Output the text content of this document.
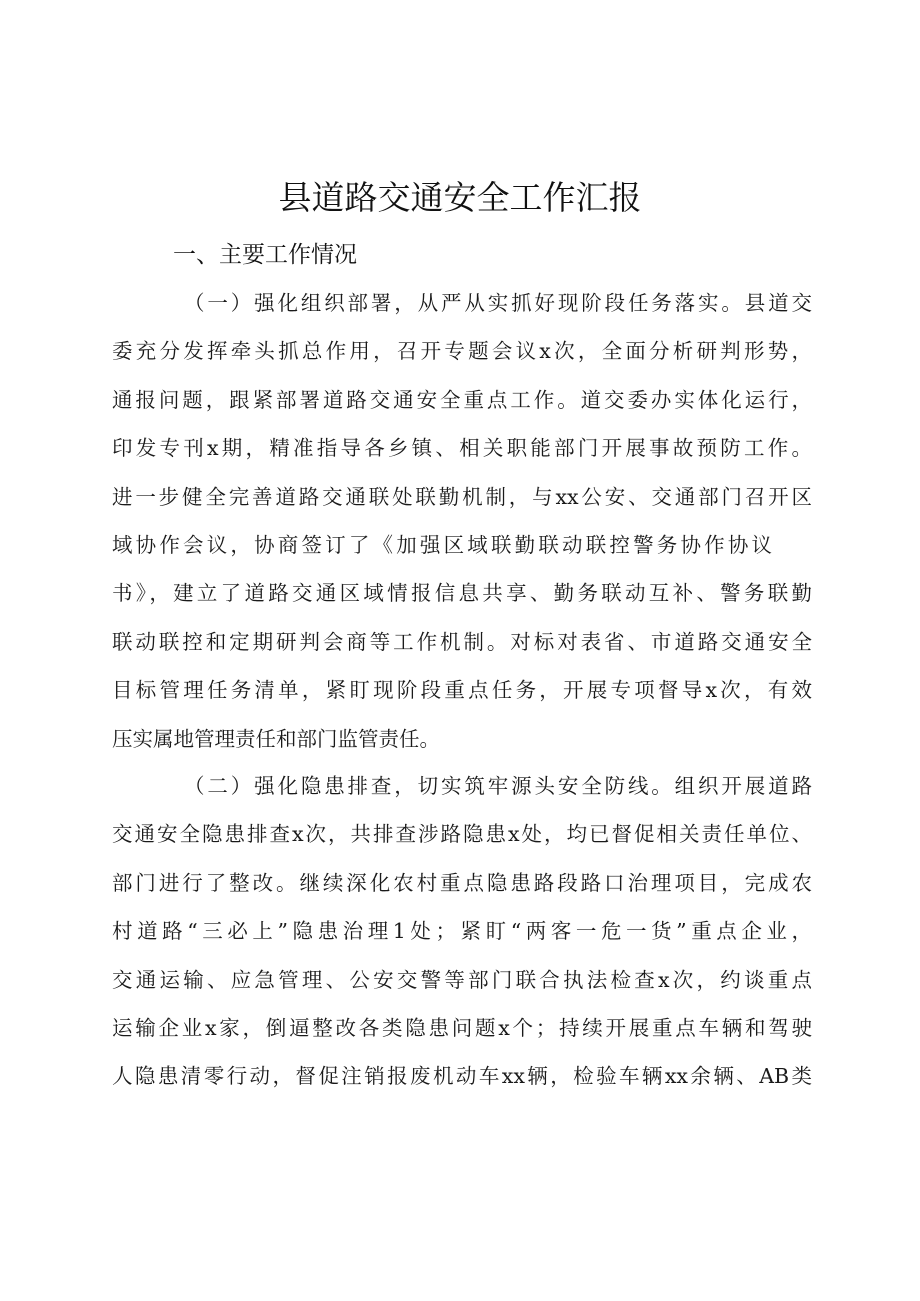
县道路交通安全工作汇报
一、主要工作情况
（一）强化组织部署，从严从实抓好现阶段任务落实。县道交
委充分发挥牵头抓总作用，召开专题会议x次，全面分析研判形势，
通报问题，跟紧部署道路交通安全重点工作。道交委办实体化运行，
印发专刊x期，精准指导各乡镇、相关职能部门开展事故预防工作。
进一步健全完善道路交通联处联勤机制，与xx公安、交通部门召开区
域协作会议，协商签订了《加强区域联勤联动联控警务协作协议
书》，建立了道路交通区域情报信息共享、勤务联动互补、警务联勤
联动联控和定期研判会商等工作机制。对标对表省、市道路交通安全
目标管理任务清单，紧盯现阶段重点任务，开展专项督导x次，有效
压实属地管理责任和部门监管责任。
（二）强化隐患排查，切实筑牢源头安全防线。组织开展道路
交通安全隐患排查x次，共排查涉路隐患x处，均已督促相关责任单位、
部门进行了整改。继续深化农村重点隐患路段路口治理项目，完成农
村道路“三必上”隐患治理1处；紧盯“两客一危一货”重点企业，
交通运输、应急管理、公安交警等部门联合执法检查x次，约谈重点
运输企业x家，倒逼整改各类隐患问题x个；持续开展重点车辆和驾驶
人隐患清零行动，督促注销报废机动车xx辆，检验车辆xx余辆、AB类
